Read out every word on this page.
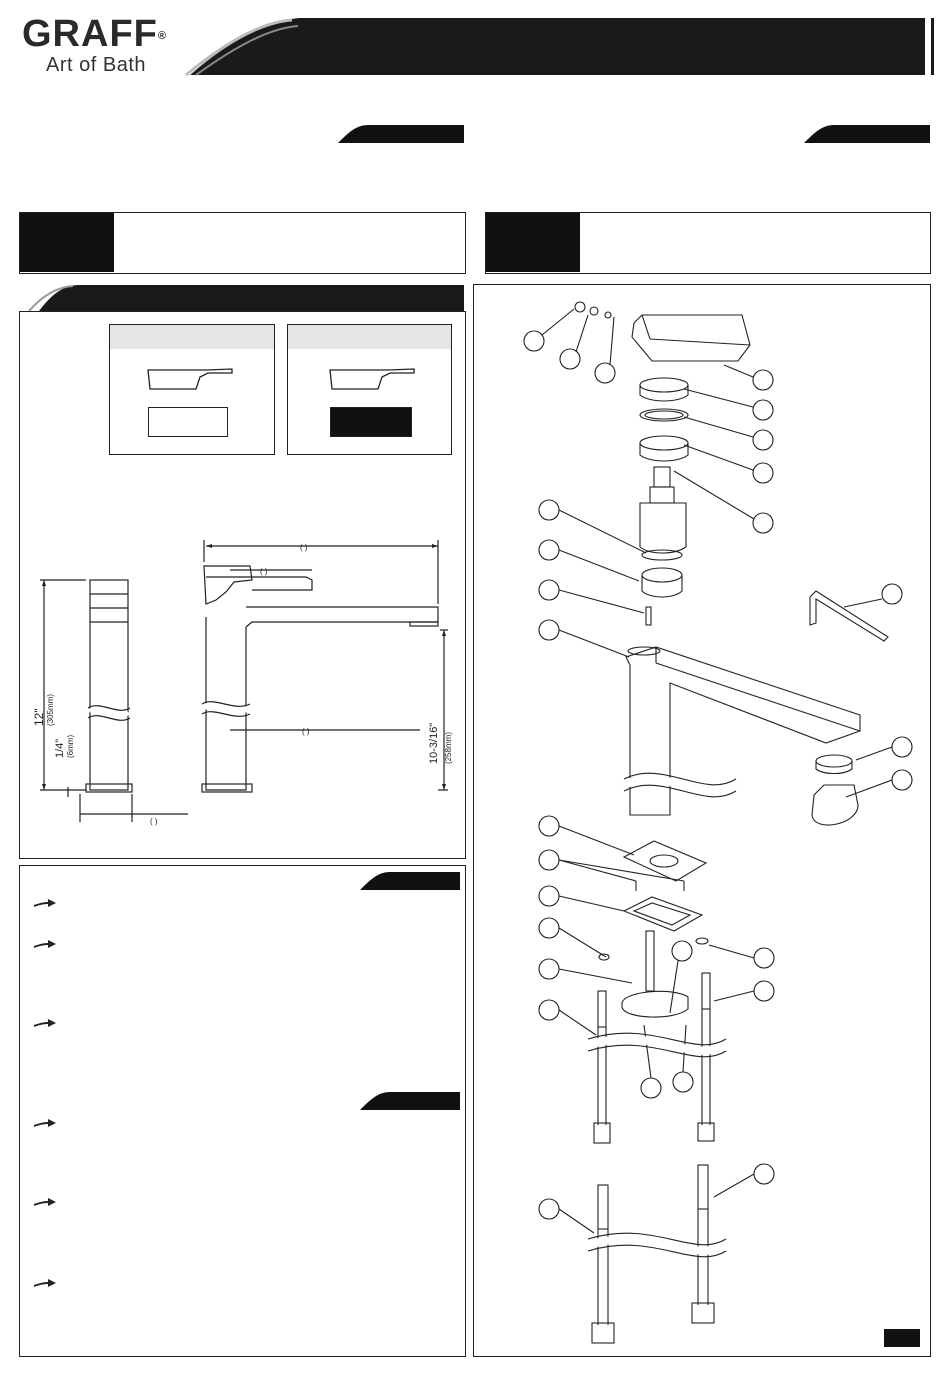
GRAFF®
Art of Bath
( )
( )
( )
( )
12" (305mm)
1/4" (6mm)	10-3/16" (258mm)
